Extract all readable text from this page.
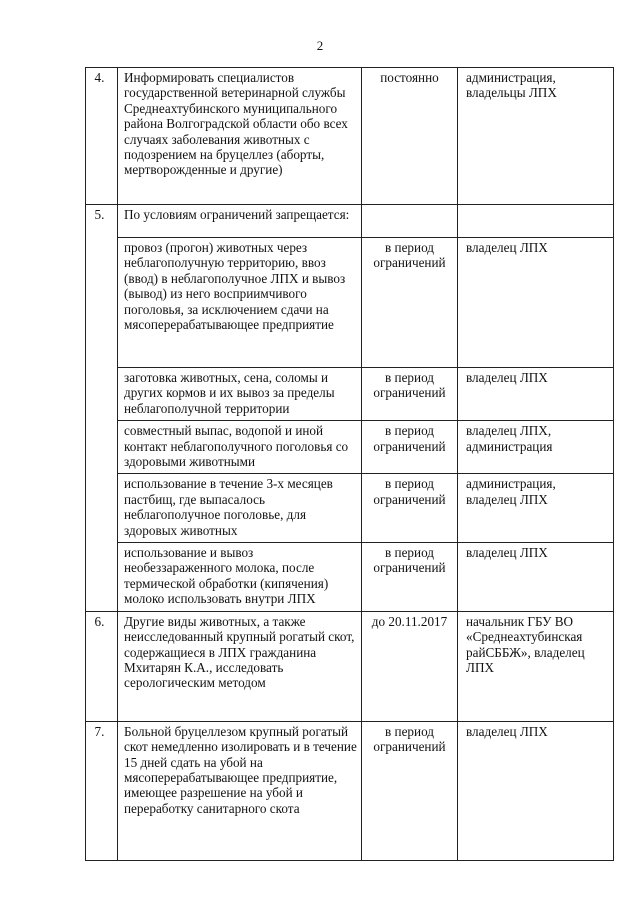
2
4.	Информировать специалистов государственной ветеринарной службы Среднеахтубинского муниципального района Волгоградской области обо всех случаях заболевания животных с подозрением на бруцеллез (аборты, мертворожденные и другие)	постоянно	администрация, владельцы ЛПХ
5.	По условиям ограничений запрещается:		
	провоз (прогон) животных через неблагополучную территорию, ввоз (ввод) в неблагополучное ЛПХ и вывоз (вывод) из него восприимчивого поголовья, за исключением сдачи на мясоперерабатывающее предприятие	в период ограничений	владелец ЛПХ
	заготовка животных, сена, соломы и других кормов и их вывоз за пределы неблагополучной территории	в период ограничений	владелец ЛПХ
	совместный выпас, водопой и иной контакт неблагополучного поголовья со здоровыми животными	в период ограничений	владелец ЛПХ, администрация
	использование в течение 3-х месяцев пастбищ, где выпасалось неблагополучное поголовье, для здоровых животных	в период ограничений	администрация, владелец ЛПХ
	использование и вывоз необеззараженного молока, после термической обработки (кипячения) молоко использовать внутри ЛПХ	в период ограничений	владелец ЛПХ
6.	Другие виды животных, а также неисследованный крупный рогатый скот, содержащиеся в ЛПХ гражданина Мхитарян К.А., исследовать серологическим методом	до 20.11.2017	начальник ГБУ ВО «Среднеахтубинская райСББЖ», владелец ЛПХ
7.	Больной бруцеллезом крупный рогатый скот немедленно изолировать и в течение 15 дней сдать на убой на мясоперерабатывающее предприятие, имеющее разрешение на убой и переработку санитарного скота	в период ограничений	владелец ЛПХ
